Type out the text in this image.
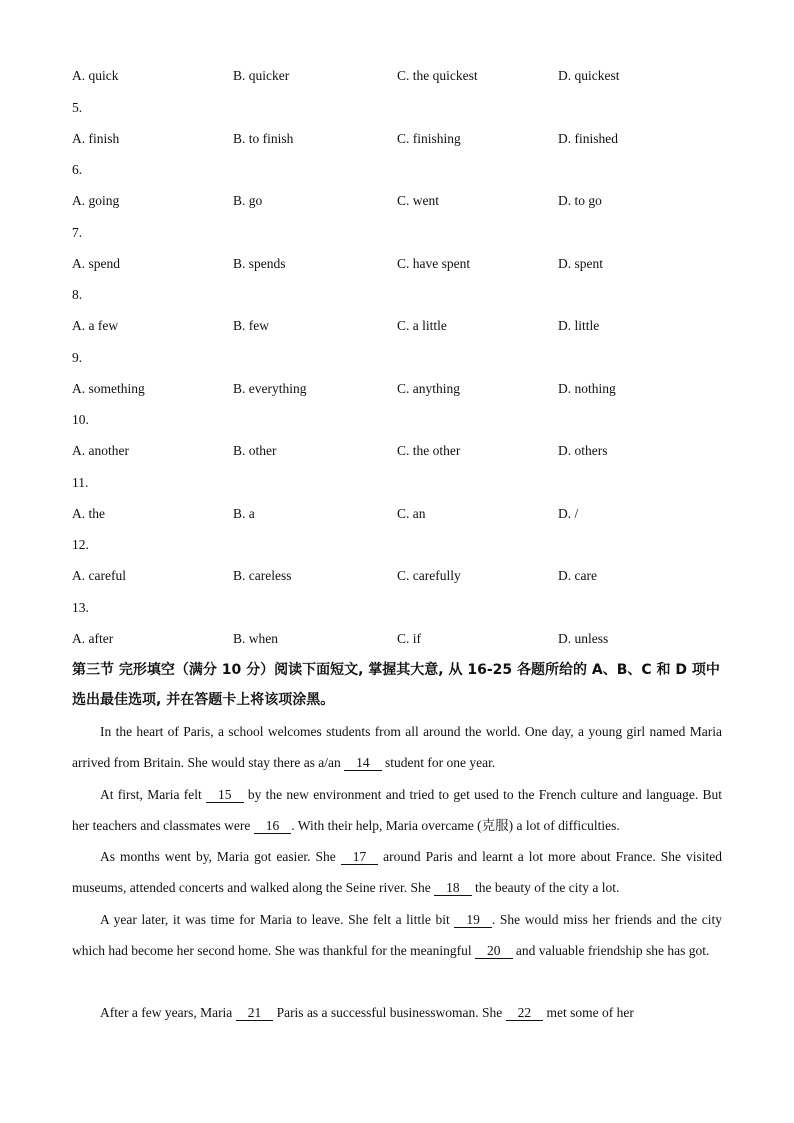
A. quick	B. quicker	C. the quickest	D. quickest
5.
A. finish	B. to finish	C. finishing	D. finished
6.
A. going	B. go	C. went	D. to go
7.
A. spend	B. spends	C. have spent	D. spent
8.
A. a few	B. few	C. a little	D. little
9.
A. something	B. everything	C. anything	D. nothing
10.
A. another	B. other	C. the other	D. others
11.
A. the	B. a	C. an	D. /
12.
A. careful	B. careless	C. carefully	D. care
13.
A. after	B. when	C. if	D. unless
第三节 完形填空（满分 10 分）阅读下面短文, 掌握其大意, 从 16-25 各题所给的 A、B、C 和 D 项中选出最佳选项, 并在答题卡上将该项涂黑。
In the heart of Paris, a school welcomes students from all around the world. One day, a young girl named Maria arrived from Britain. She would stay there as a/an 14 student for one year.
At first, Maria felt 15 by the new environment and tried to get used to the French culture and language. But her teachers and classmates were 16 . With their help, Maria overcame (克服) a lot of difficulties.
As months went by, Maria got easier. She 17 around Paris and learnt a lot more about France. She visited museums, attended concerts and walked along the Seine river. She 18 the beauty of the city a lot.
A year later, it was time for Maria to leave. She felt a little bit 19 . She would miss her friends and the city which had become her second home. She was thankful for the meaningful 20 and valuable friendship she has got.
After a few years, Maria 21 Paris as a successful businesswoman. She 22 met some of her
